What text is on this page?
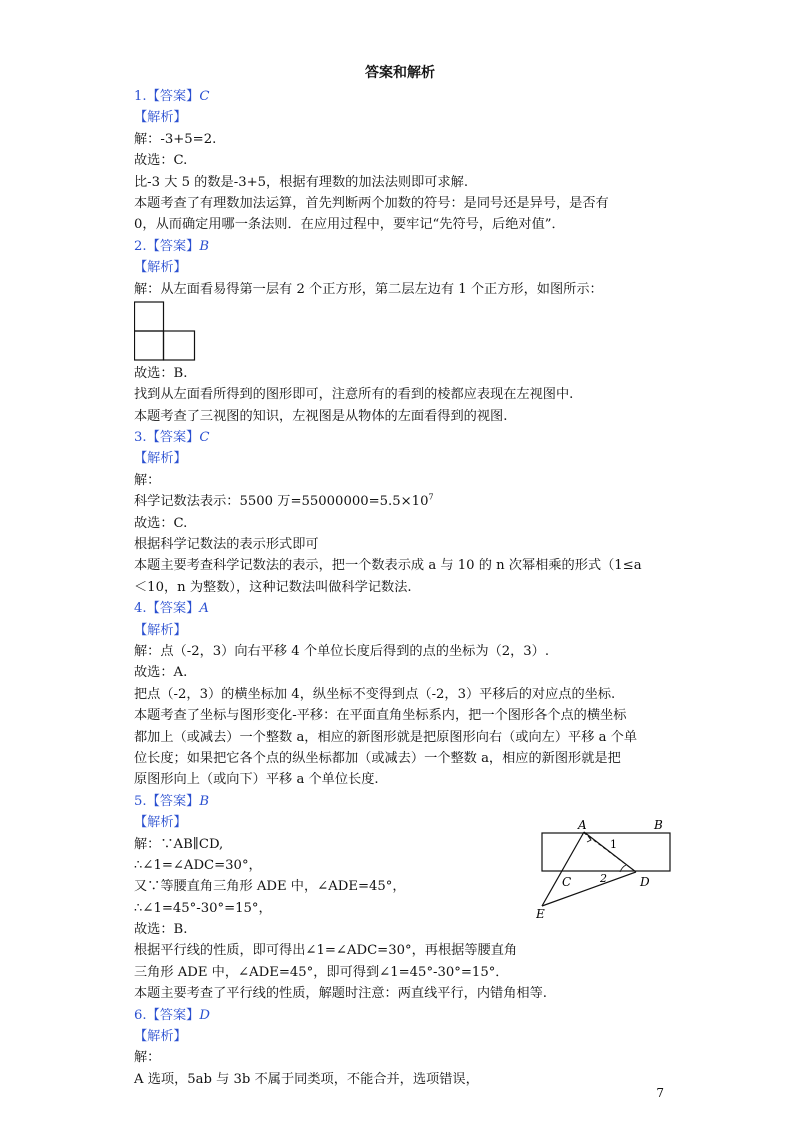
答案和解析
1.【答案】C
【解析】
解：-3+5=2.
故选：C.
比-3 大 5 的数是-3+5，根据有理数的加法法则即可求解.
本题考查了有理数加法运算，首先判断两个加数的符号：是同号还是异号，是否有
0，从而确定用哪一条法则．在应用过程中，要牢记“先符号，后绝对值”．
2.【答案】B
【解析】
解：从左面看易得第一层有 2 个正方形，第二层左边有 1 个正方形，如图所示：
故选：B.
找到从左面看所得到的图形即可，注意所有的看到的棱都应表现在左视图中.
本题考查了三视图的知识，左视图是从物体的左面看得到的视图.
3.【答案】C
【解析】
解：
科学记数法表示：5500 万$=55000000=5.5\times 10^7$
故选：C.
根据科学记数法的表示形式即可
本题主要考查科学记数法的表示，把一个数表示成 a 与 10 的 n 次幂相乘的形式（1≤a
＜10，n 为整数），这种记数法叫做科学记数法.
4.【答案】A
【解析】
解：点（-2，3）向右平移 4 个单位长度后得到的点的坐标为（2，3）.
故选：A.
把点（-2，3）的横坐标加 4，纵坐标不变得到点（-2，3）平移后的对应点的坐标.
本题考查了坐标与图形变化-平移：在平面直角坐标系内，把一个图形各个点的横坐标
都加上（或减去）一个整数 a，相应的新图形就是把原图形向右（或向左）平移 a 个单
位长度；如果把它各个点的纵坐标都加（或减去）一个整数 a，相应的新图形就是把
原图形向上（或向下）平移 a 个单位长度.
5.【答案】B
【解析】
解：∵AB∥CD,
∴∠1=∠ADC=30°，
又∵等腰直角三角形 ADE 中，∠ADE=45°，
∴∠1=45°-30°=15°，
故选：B.
根据平行线的性质，即可得出∠1=∠ADC=30°，再根据等腰直角
三角形 ADE 中，∠ADE=45°，即可得到∠1=45°-30°=15°．
本题主要考查了平行线的性质，解题时注意：两直线平行，内错角相等.
6.【答案】D
【解析】
解：
A 选项，5ab 与 3b 不属于同类项，不能合并，选项错误，
A	B
C	D
E
1
2
7
